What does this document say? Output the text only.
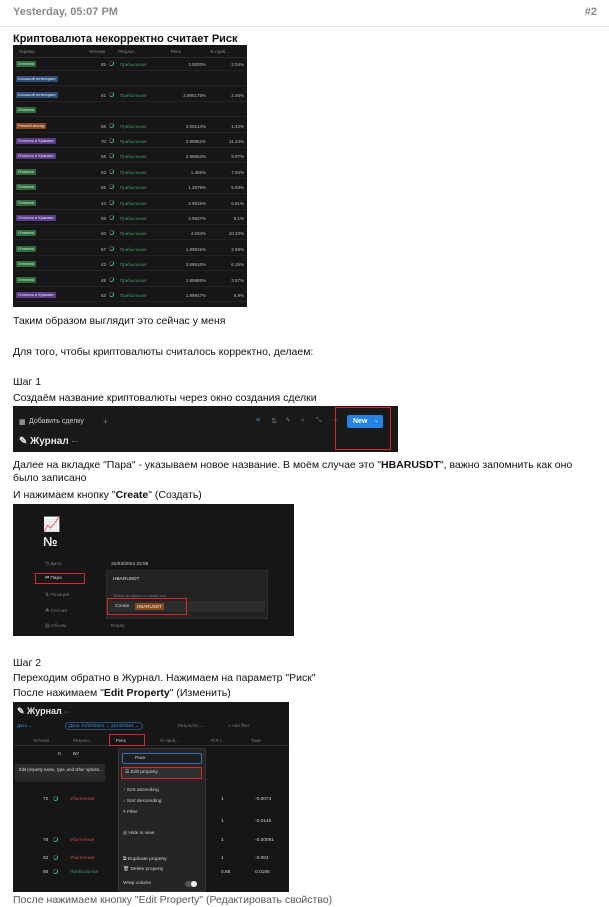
Yesterday, 05:07 PM	#2
Криптовалюта некорректно считает Риск
Оценка	%Гения	Результ...	Риск	% приб...
Отлично	85	Прибыльная	3.0003%	2.04%
Большой потенциал
Большой потенциал	81	Прибыльная	2.999178%	2.46%
Отлично
Ранний выход	68	Прибыльная	3.00144%	1.42%
Отлично и Красиво	70	Прибыльная	2.99862%	11.24%
Отлично и Красиво	68	Прибыльная	2.99963%	9.07%
Отлично	63	Прибыльная	1.456%	7.94%
Отлично	85	Прибыльная	1.2579%	5.93%
Отлично	44	Прибыльная	2.9915%	6.81%
Отлично и Красиво	58	Прибыльная	2.9937%	9.1%
Отлично	60	Прибыльная	4.004%	10.33%
Отлично	57	Прибыльная	1.99815%	2.59%
Отлично	43	Прибыльная	3.99616%	6.15%
Отлично	48	Прибыльная	1.99955%	3.57%
Отлично и Красиво	53	Прибыльная	1.99947%	6.9%
Таким образом выглядит это сейчас у меня
Для того, чтобы криптовалюты считалось корректно, делаем:
Шаг 1
Создаём название криптовалюты через окно создания сделки
▦ Добавить сделку +	≡ ⇅ ϟ ⌕ ⤡ ··· New ⌄
✎ Журнал ···
Далее на вкладке "Пара" - указываем новое название. В моём случае это "HBARUSDT", важно запомнить как оно было записано
И нажимаем кнопку "Create" (Создать)
📈
№
◷ Дата	31/03/2024 23:59
⇄ Пара	HBARUSDT
Select an option or create one
Create	HBARUSDT
⇅ Позиция
☘ Сессия
▤ Объем	Empty
Шаг 2
Переходим обратно в Журнал. Нажимаем на параметр "Риск"
После нажимаем "Edit Property" (Изменить)
✎ Журнал ···
Дата ⌄	Дата: 01/03/2024 → 31/03/2024 ⌄	Результат ⌄	+ Add filter
%Гения	Результ...	Риск	% приб...	R:R (...	Тики
0	БУ
Edit property name, type, and other options...
Риск
☰ Edit property
↑ Sort ascending
↓ Sort descending
≡ Filter
◎ Hide in view
⧉ Duplicate property
🗑 Delete property
Wrap column
72	Убыточная	1	-0.0074
1	-0.0145
76	Убыточная	1	-0.00091
82	Убыточная	1	-0.004
85	Прибыльная	0.68	0.0186
После нажимаем кнопку "Edit Property" (Редактировать свойство)
